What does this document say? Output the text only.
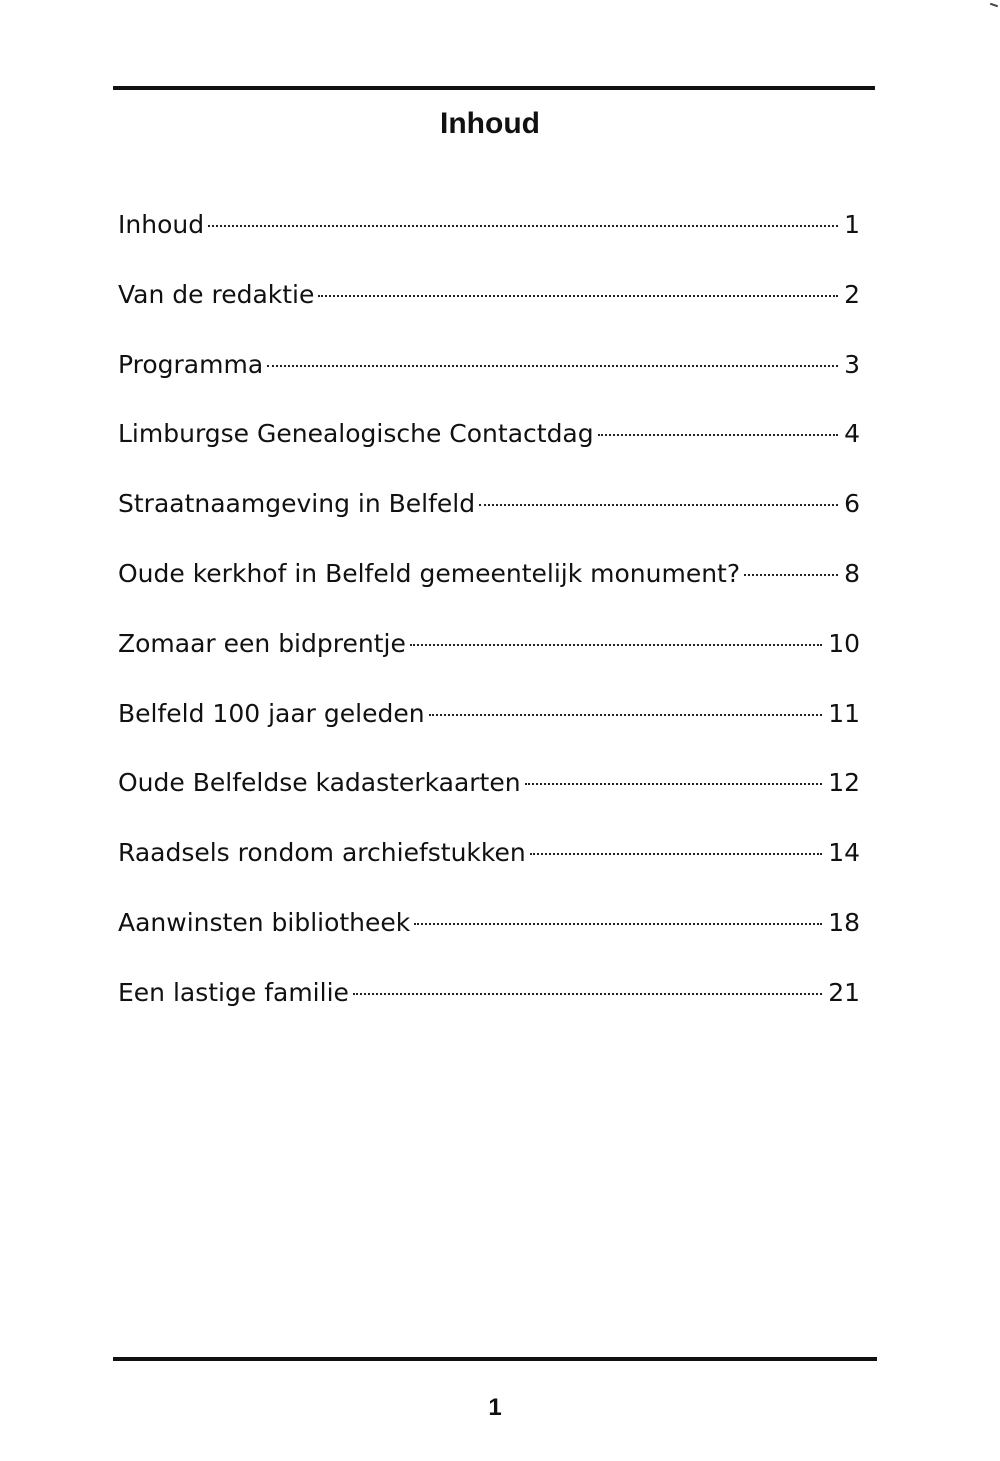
Inhoud
Inhoud	1
Van de redaktie	2
Programma	3
Limburgse Genealogische Contactdag	4
Straatnaamgeving in Belfeld	6
Oude kerkhof in Belfeld gemeentelijk monument?	8
Zomaar een bidprentje	10
Belfeld 100 jaar geleden	11
Oude Belfeldse kadasterkaarten	12
Raadsels rondom archiefstukken	14
Aanwinsten bibliotheek	18
Een lastige familie	21
1
